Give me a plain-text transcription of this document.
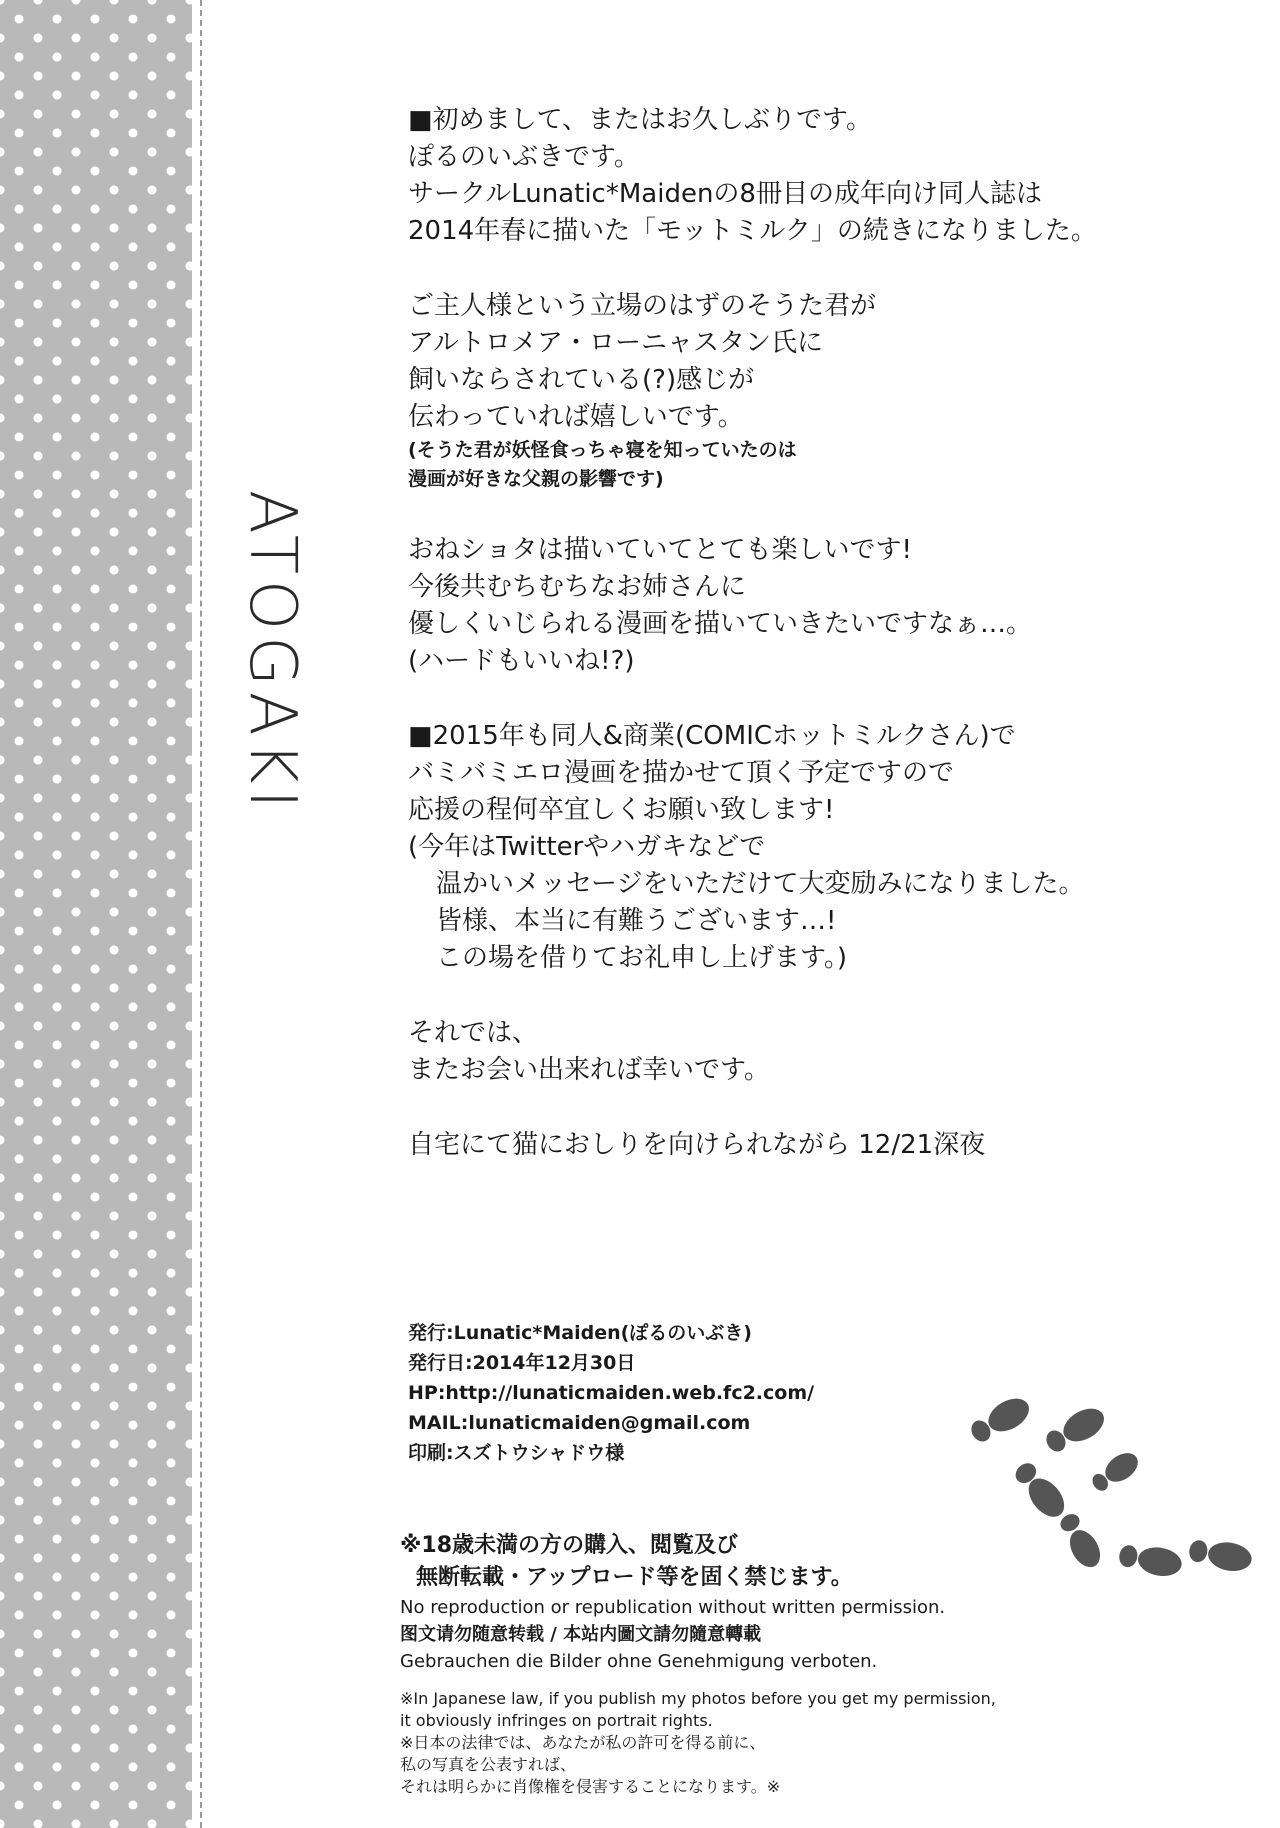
ATOGAKI
■初めまして、またはお久しぶりです。
ぽるのいぶきです。
サークルLunatic*Maidenの8冊目の成年向け同人誌は
2014年春に描いた「モットミルク」の続きになりました。
ご主人様という立場のはずのそうた君が
アルトロメア・ローニャスタン氏に
飼いならされている(?)感じが
伝わっていれば嬉しいです。
(そうた君が妖怪食っちゃ寝を知っていたのは
漫画が好きな父親の影響です)
おねショタは描いていてとても楽しいです!
今後共むちむちなお姉さんに
優しくいじられる漫画を描いていきたいですなぁ…。
(ハードもいいね!?)
■2015年も同人&商業(COMICホットミルクさん)で
バミバミエロ漫画を描かせて頂く予定ですので
応援の程何卒宜しくお願い致します!
(今年はTwitterやハガキなどで
温かいメッセージをいただけて大変励みになりました。
皆様、本当に有難うございます…!
この場を借りてお礼申し上げます。)
それでは、
またお会い出来れば幸いです。
自宅にて猫におしりを向けられながら 12/21深夜
発行:Lunatic*Maiden(ぽるのいぶき)
発行日:2014年12月30日
HP:http://lunaticmaiden.web.fc2.com/
MAIL:lunaticmaiden@gmail.com
印刷:スズトウシャドウ様
※18歳未満の方の購入、閲覧及び
無断転載・アップロード等を固く禁じます。
No reproduction or republication without written permission.
图文请勿随意转载 / 本站内圖文請勿隨意轉載
Gebrauchen die Bilder ohne Genehmigung verboten.
※In Japanese law, if you publish my photos before you get my permission,
it obviously infringes on portrait rights.
※日本の法律では、あなたが私の許可を得る前に、
私の写真を公表すれば、
それは明らかに肖像権を侵害することになります。※
